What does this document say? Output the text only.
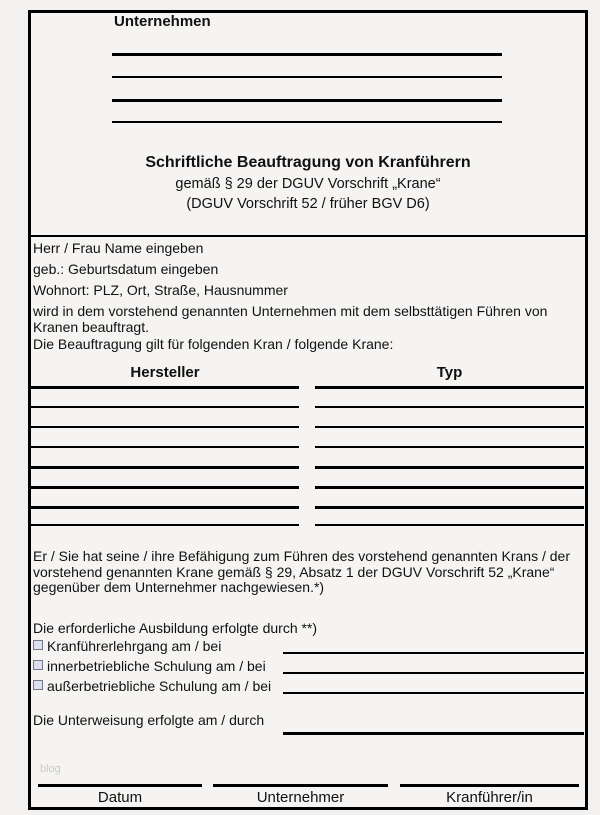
Unternehmen
Schriftliche Beauftragung von Kranführern
gemäß § 29 der DGUV Vorschrift „Krane“
(DGUV Vorschrift 52 / früher BGV D6)
Herr / Frau Name eingeben
geb.: Geburtsdatum eingeben
Wohnort: PLZ, Ort, Straße, Hausnummer
wird in dem vorstehend genannten Unternehmen mit dem selbsttätigen Führen von Kranen beauftragt.
Die Beauftragung gilt für folgenden Kran / folgende Krane:
Hersteller	Typ
Er / Sie hat seine / ihre Befähigung zum Führen des vorstehend genannten Krans / der
vorstehend genannten Krane gemäß § 29, Absatz 1 der DGUV Vorschrift 52 „Krane“
gegenüber dem Unternehmer nachgewiesen.*)
Die erforderliche Ausbildung erfolgte durch **)
Kranführerlehrgang am / bei
innerbetriebliche Schulung am / bei
außerbetriebliche Schulung am / bei
Die Unterweisung erfolgte am / durch
blog
Datum	Unternehmer	Kranführer/in
